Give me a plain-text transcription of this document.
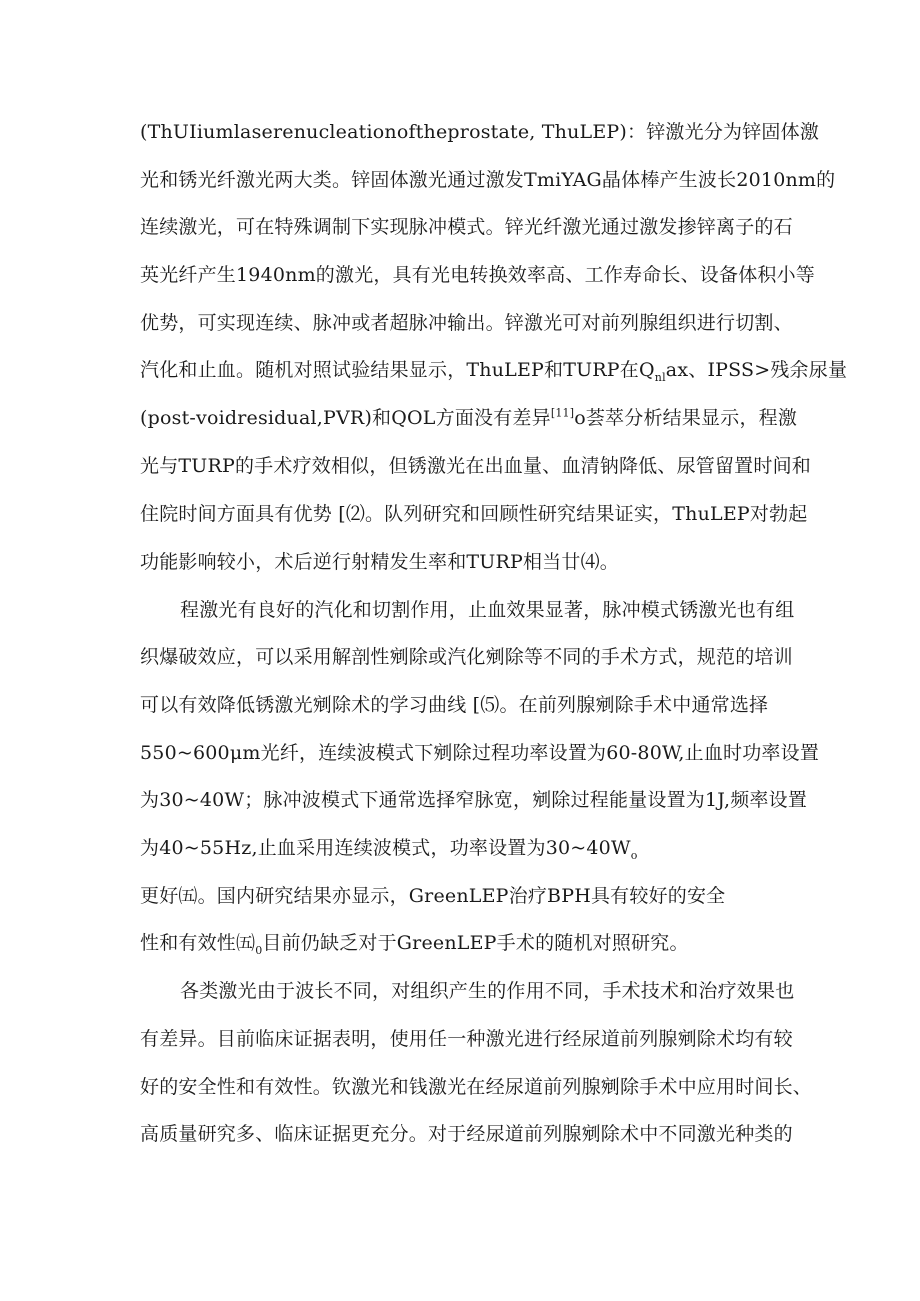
(ThUIiumlaserenucleationoftheprostate, ThuLEP)：锌激光分为锌固体激
光和锈光纤激光两大类。锌固体激光通过激发TmiYAG晶体棒产生波长2010nm的
连续激光，可在特殊调制下实现脉冲模式。锌光纤激光通过激发掺锌离子的石
英光纤产生1940nm的激光，具有光电转换效率高、工作寿命长、设备体积小等
优势，可实现连续、脉冲或者超脉冲输出。锌激光可对前列腺组织进行切割、
汽化和止血。随机对照试验结果显示，ThuLEP和TURP在$Q_{nl}ax$、IPSS>残余尿量
(post-voidresidual,PVR)和QOL方面没有差异[11]o荟萃分析结果显示，程激
光与TURP的手术疗效相似，但锈激光在出血量、血清钠降低、尿管留置时间和
住院时间方面具有优势 [⑵。队列研究和回顾性研究结果证实，ThuLEP对勃起
功能影响较小，术后逆行射精发生率和TURP相当廿⑷。
程激光有良好的汽化和切割作用，止血效果显著，脉冲模式锈激光也有组
织爆破效应，可以采用解剖性剜除或汽化剜除等不同的手术方式，规范的培训
可以有效降低锈激光剜除术的学习曲线 [⑸。在前列腺剜除手术中通常选择
550~600μm光纤，连续波模式下剜除过程功率设置为60-80W,止血时功率设置
为30~40W；脉冲波模式下通常选择窄脉宽，剜除过程能量设置为1J,频率设置
为40~55Hz,止血采用连续波模式，功率设置为$30\sim 40W_o$
更好㈤。国内研究结果亦显示，GreenLEP治疗BPH具有较好的安全
性和有效性$㈤_0$目前仍缺乏对于GreenLEP手术的随机对照研究。
各类激光由于波长不同，对组织产生的作用不同，手术技术和治疗效果也
有差异。目前临床证据表明，使用任一种激光进行经尿道前列腺剜除术均有较
好的安全性和有效性。钦激光和钱激光在经尿道前列腺剜除手术中应用时间长、
高质量研究多、临床证据更充分。对于经尿道前列腺剜除术中不同激光种类的
